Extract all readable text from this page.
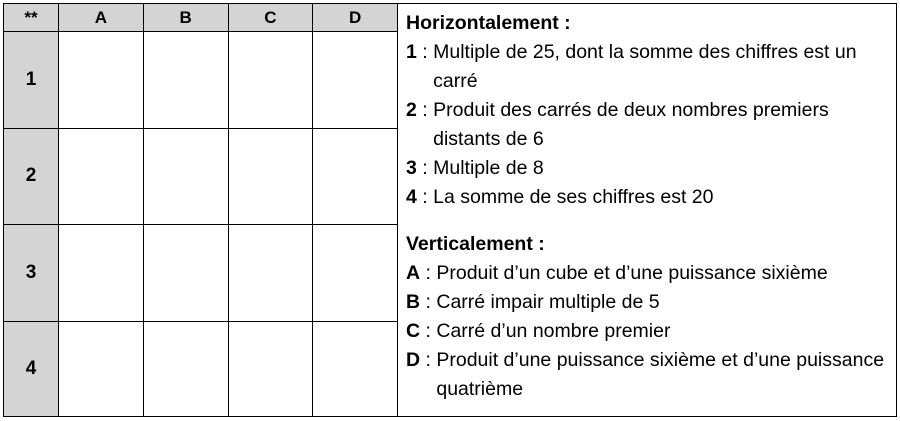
**	A	B	C	D
1				
2				
3				
4				
Horizontalement :
1 : Multiple de 25, dont la somme des chiffres est un carré
2 : Produit des carrés de deux nombres premiers distants de 6
3 : Multiple de 8
4 : La somme de ses chiffres est 20
Verticalement :
A : Produit d’un cube et d’une puissance sixième
B : Carré impair multiple de 5
C : Carré d’un nombre premier
D : Produit d’une puissance sixième et d’une puissance quatrième
